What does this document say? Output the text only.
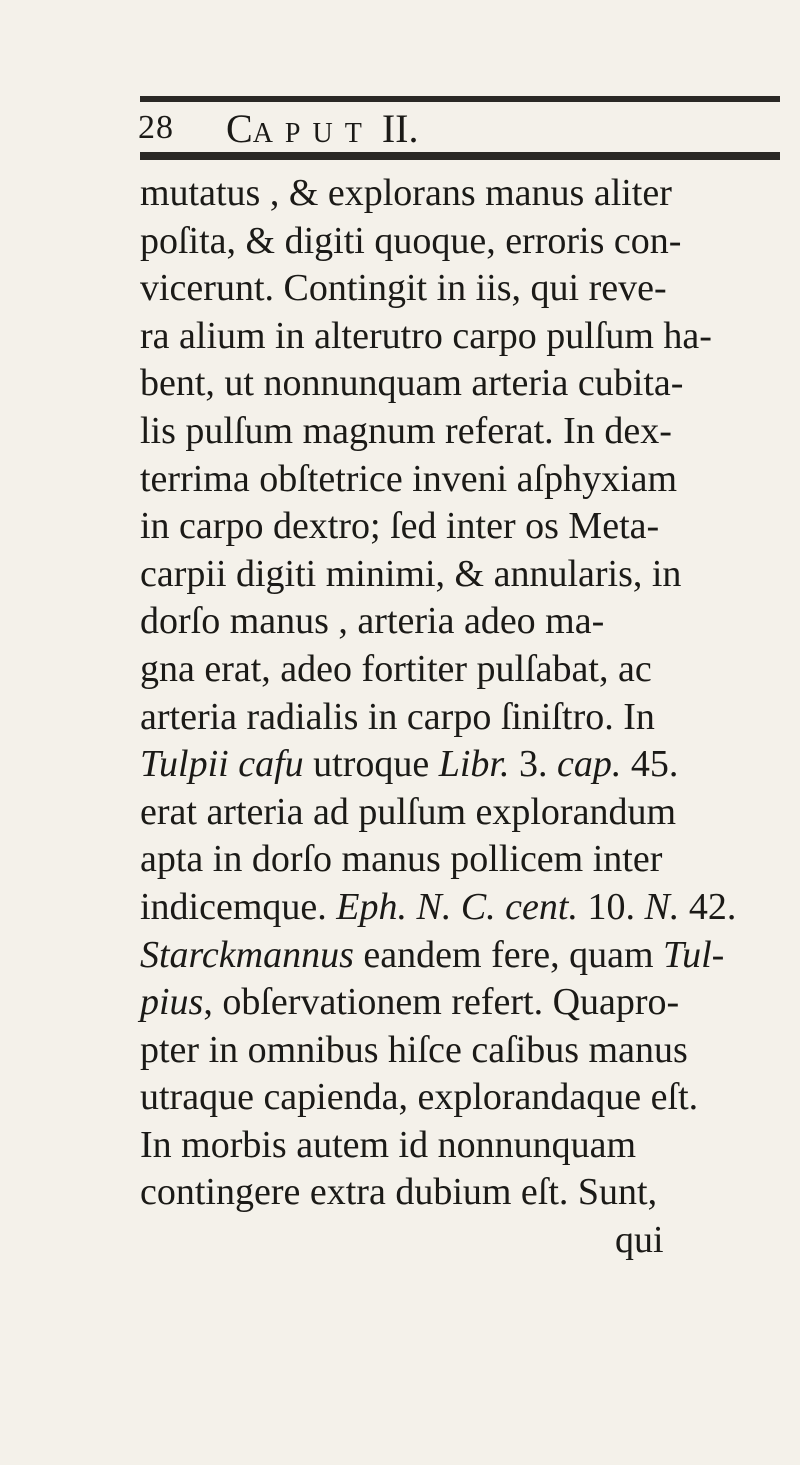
28 CAPUT II.
mutatus , & explorans manus aliter
poſita, & digiti quoque, erroris con-
vicerunt. Contingit in iis, qui reve-
ra alium in alterutro carpo pulſum ha-
bent, ut nonnunquam arteria cubita-
lis pulſum magnum referat. In dex-
terrima obſtetrice inveni aſphyxiam
in carpo dextro; ſed inter os Meta-
carpii digiti minimi, & annularis, in
dorſo manus , arteria adeo ma-
gna erat, adeo fortiter pulſabat, ac
arteria radialis in carpo ſiniſtro. In
Tulpii cafu utroque Libr. 3. cap. 45.
erat arteria ad pulſum explorandum
apta in dorſo manus pollicem inter
indicemque. Eph. N. C. cent. 10. N. 42.
Starckmannus eandem fere, quam Tul-
pius, obſervationem refert. Quapro-
pter in omnibus hiſce caſibus manus
utraque capienda, explorandaque eſt.
In morbis autem id nonnunquam
contingere extra dubium eſt. Sunt,
qui
